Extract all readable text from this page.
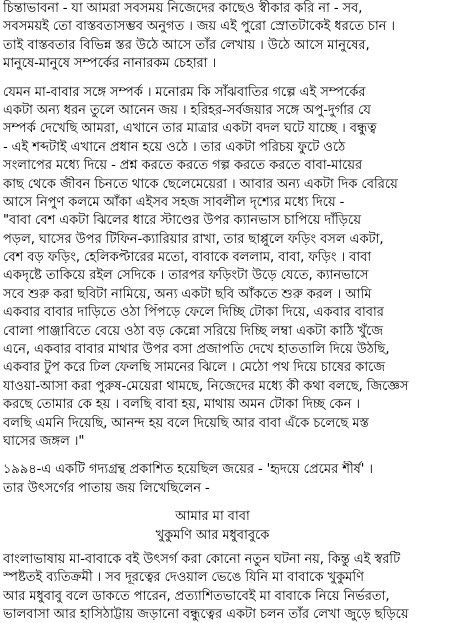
চিন্তাভাবনা - যা আমরা সবসময় নিজেদের কাছেও স্বীকার করি না - সব,
সবসময়ই তো বাস্তবতাসম্ভব অনুগত । জয় এই পুরো স্রোতটাকেই ধরতে চান ।
তাই বাস্তবতার বিভিন্ন স্তর উঠে আসে তাঁর লেখায় । উঠে আসে মানুষের,
মানুষে-মানুষে সম্পর্কের নানারকম চেহারা ।
যেমন মা-বাবার সঙ্গে সম্পর্ক । মনোরম কি সাঁঝবাতির গল্পে এই সম্পর্কের
একটা অন্য ধরন তুলে আনেন জয় । হরিহর-সর্বজয়ার সঙ্গে অপু-দুর্গার যে
সম্পর্ক দেখেছি আমরা, এখানে তার মাত্রার একটা বদল ঘটে যাচ্ছে । বন্ধুত্ব
- এই শব্দটাই এখানে প্রধান হয়ে ওঠে । তার একটা পরিচয় ফুটে ওঠে
সংলাপের মধ্যে দিয়ে - প্রশ্ন করতে করতে গল্প করতে করতে বাবা-মায়ের
কাছ থেকে জীবন চিনতে থাকে ছেলেমেয়েরা । আবার অন্য একটা দিক বেরিয়ে
আসে নিপুণ কলমে আঁকা এইসব সহজ সাবলীল দৃশ্যের মধ্যে দিয়ে -
"বাবা বেশ একটা ঝিলের ধারে স্টাণ্ডের উপর ক্যানভাস চাপিয়ে দাঁড়িয়ে
পড়ল, ঘাসের উপর টিফিন-ক্যারিয়ার রাখা, তার ছাপ্পুলে ফড়িং বসল একটা,
বেশ বড় ফড়িং, হেলিকপ্টারের মতো, বাবাকে বললাম, বাবা, ফড়িং । বাবা
একদৃষ্টে তাকিয়ে রইল সেদিকে । তারপর ফড়িংটা উড়ে যেতে, ক্যানভাসে
সবে শুরু করা ছবিটা নামিয়ে, অন্য একটা ছবি আঁকতে শুরু করল । আমি
একবার বাবার দাড়িতে ওঠা পিঁপড়ে ফেলে দিচ্ছি টোকা দিয়ে, একবার বাবার
বোলা পাঞ্জাবিতে বেয়ে ওঠা বড় কেন্নো সরিয়ে দিচ্ছি লম্বা একটা কাঠি খুঁজে
এনে, একবার বাবার মাথার উপর বসা প্রজাপতি দেখে হাততালি দিয়ে উঠছি,
একবার টুপ করে ঢিল ফেলছি সামনের ঝিলে । মেঠো পথ দিয়ে চাষের কাজে
যাওয়া-আসা করা পুরুষ-মেয়েরা থামছে, নিজেদের মধ্যে কী কথা বলছে, জিজ্ঞেস
করছে তোমার কে হয় । বলছি বাবা হয়, মাথায় অমন টোকা দিচ্ছ কেন ।
বলছি এমনি দিয়েছি, আনন্দ হয় বলে দিয়েছি আর বাবা এঁকে চলেছে মস্ত
ঘাসের জঙ্গল ।"
১৯৯৪-এ একটি গদ্যগ্রন্থ প্রকাশিত হয়েছিল জয়ের - 'হৃদয়ে প্রেমের শীর্ষ' ।
তার উৎসর্গের পাতায় জয় লিখেছিলেন -
আমার মা বাবা
খুকুমণি আর মধুবাবুকে
বাংলাভাষায় মা-বাবাকে বই উৎসর্গ করা কোনো নতুন ঘটনা নয়, কিন্তু এই স্বরটি
স্পষ্টতই ব্যতিক্রমী । সব দূরত্বের দেওয়াল ভেঙে যিনি মা বাবাকে খুকুমণি
আর মধুবাবু বলে ডাকতে পারেন, প্রত্যাশিতভাবেই মা বাবাকে নিয়ে নির্ভরতা,
ভালবাসা আর হাসিঠাট্টায় জড়ানো বন্ধুত্বের একটা চলন তাঁর লেখা জুড়ে ছড়িয়ে
